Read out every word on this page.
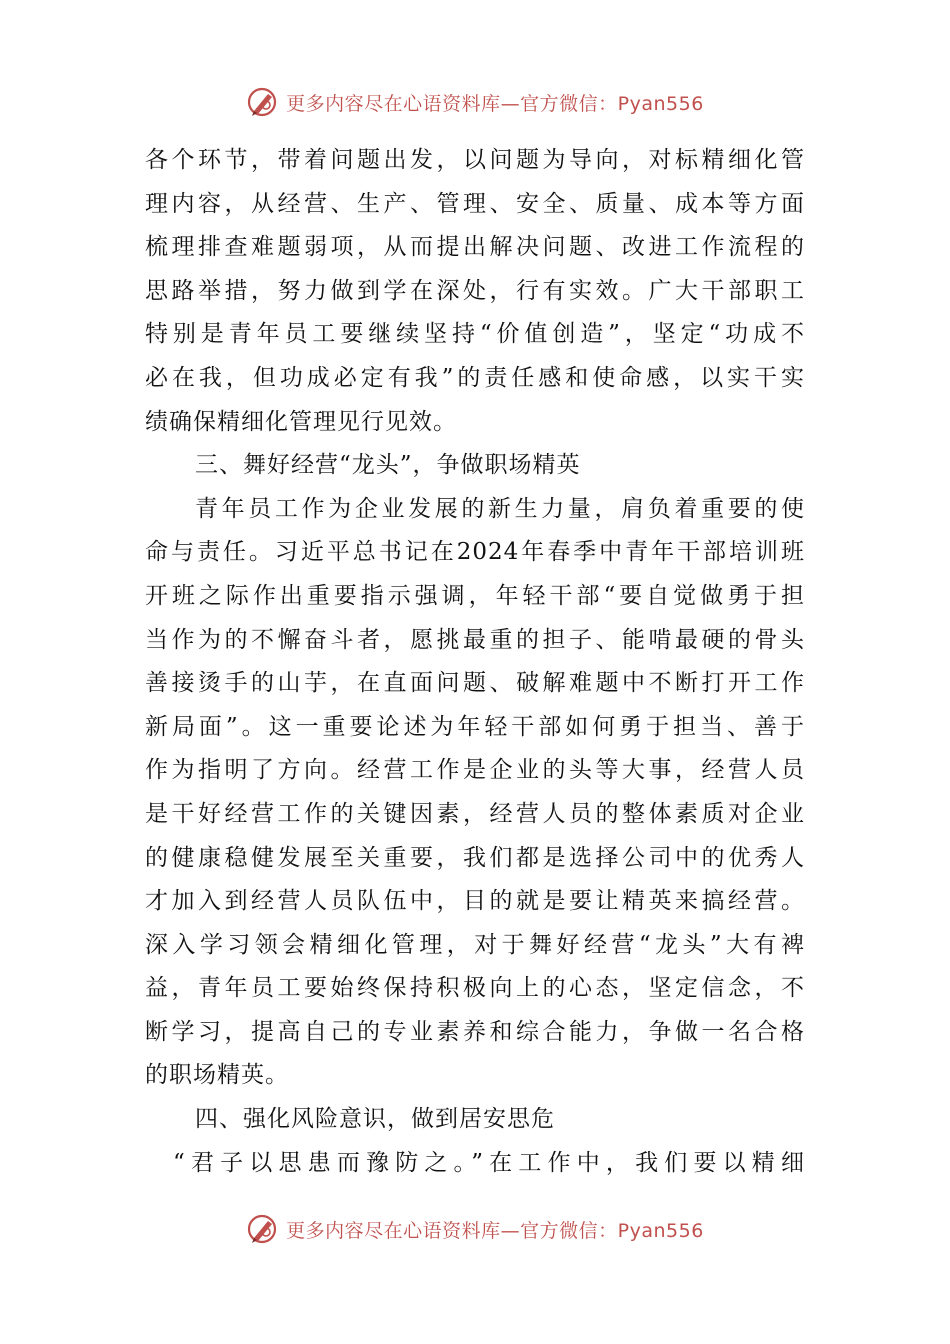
更多内容尽在心语资料库—官方微信：Pyan556
各个环节，带着问题出发，以问题为导向，对标精细化管
理内容，从经营、生产、管理、安全、质量、成本等方面
梳理排查难题弱项，从而提出解决问题、改进工作流程的
思路举措，努力做到学在深处，行有实效。广大干部职工
特别是青年员工要继续坚持“价值创造”，坚定“功成不
必在我，但功成必定有我”的责任感和使命感，以实干实
绩确保精细化管理见行见效。
三、舞好经营“龙头”，争做职场精英
青年员工作为企业发展的新生力量，肩负着重要的使
命与责任。习近平总书记在2024年春季中青年干部培训班
开班之际作出重要指示强调，年轻干部“要自觉做勇于担
当作为的不懈奋斗者，愿挑最重的担子、能啃最硬的骨头
善接烫手的山芋，在直面问题、破解难题中不断打开工作
新局面”。这一重要论述为年轻干部如何勇于担当、善于
作为指明了方向。经营工作是企业的头等大事，经营人员
是干好经营工作的关键因素，经营人员的整体素质对企业
的健康稳健发展至关重要，我们都是选择公司中的优秀人
才加入到经营人员队伍中，目的就是要让精英来搞经营。
深入学习领会精细化管理，对于舞好经营“龙头”大有裨
益，青年员工要始终保持积极向上的心态，坚定信念，不
断学习，提高自己的专业素养和综合能力，争做一名合格
的职场精英。
四、强化风险意识，做到居安思危
“君子以思患而豫防之。”在工作中，我们要以精细
更多内容尽在心语资料库—官方微信：Pyan556
